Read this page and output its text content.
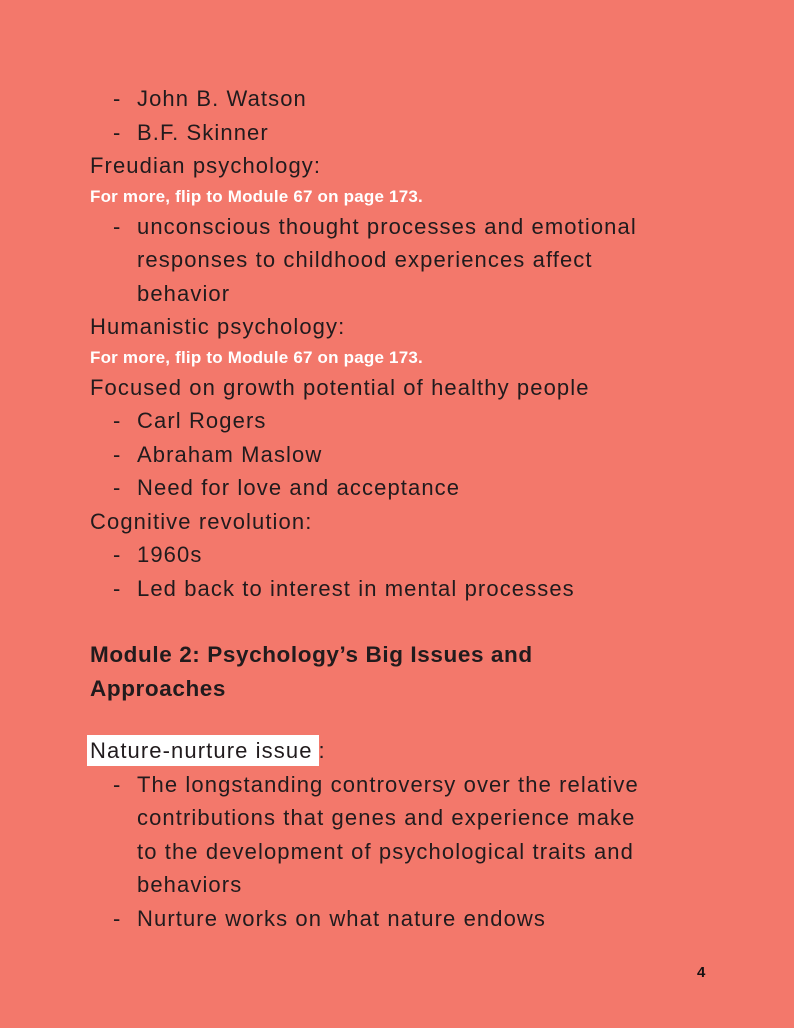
- John B. Watson
- B.F. Skinner
Freudian psychology:
For more, flip to Module 67 on page 173.
- unconscious thought processes and emotional responses to childhood experiences affect behavior
Humanistic psychology:
For more, flip to Module 67 on page 173.
Focused on growth potential of healthy people
- Carl Rogers
- Abraham Maslow
- Need for love and acceptance
Cognitive revolution:
- 1960s
- Led back to interest in mental processes
Module 2: Psychology’s Big Issues and Approaches
Nature-nurture issue :
- The longstanding controversy over the relative contributions that genes and experience make to the development of psychological traits and behaviors
- Nurture works on what nature endows
4
